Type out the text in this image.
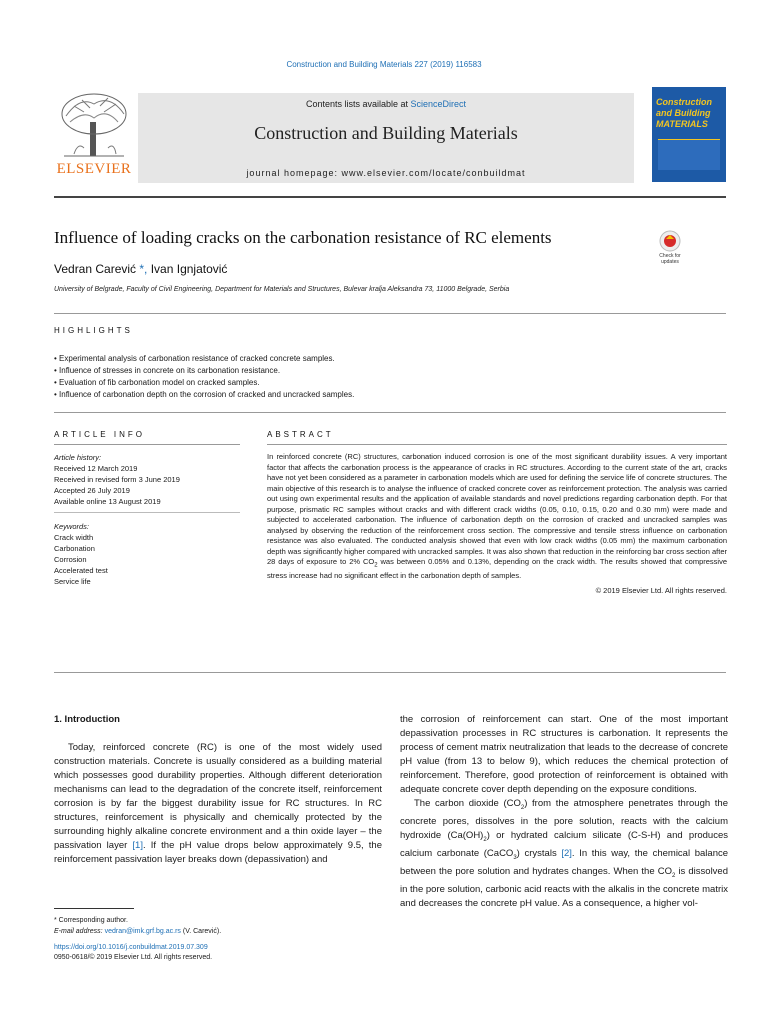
Construction and Building Materials 227 (2019) 116583
ELSEVIER
Contents lists available at ScienceDirect
Construction and Building Materials
journal homepage: www.elsevier.com/locate/conbuildmat
Construction and Building MATERIALS
Influence of loading cracks on the carbonation resistance of RC elements
Check for updates
Vedran Carević *, Ivan Ignjatović
University of Belgrade, Faculty of Civil Engineering, Department for Materials and Structures, Bulevar kralja Aleksandra 73, 11000 Belgrade, Serbia
HIGHLIGHTS
• Experimental analysis of carbonation resistance of cracked concrete samples.
• Influence of stresses in concrete on its carbonation resistance.
• Evaluation of fib carbonation model on cracked samples.
• Influence of carbonation depth on the corrosion of cracked and uncracked samples.
ARTICLE INFO	ABSTRACT
Article history:
Received 12 March 2019
Received in revised form 3 June 2019
Accepted 26 July 2019
Available online 13 August 2019
Keywords:
Crack width
Carbonation
Corrosion
Accelerated test
Service life
In reinforced concrete (RC) structures, carbonation induced corrosion is one of the most significant durability issues. A very important factor that affects the carbonation process is the appearance of cracks in RC structures. According to the current state of the art, cracks have not yet been considered as a parameter in carbonation models which are used for defining the service life of concrete structures. The main objective of this research is to analyse the influence of cracked concrete cover as reinforcement protection. The analysis was carried out using own experimental results and the application of available standards and novel predictions regarding carbonation depth. For that purpose, prismatic RC samples without cracks and with different crack widths (0.05, 0.10, 0.15, 0.20 and 0.30 mm) were made and subjected to accelerated carbonation. The influence of carbonation depth on the corrosion of cracked and uncracked samples was analysed by observing the reduction of the reinforcement cross section. The compressive and tensile stress influence on carbonation resistance was also evaluated. The conducted analysis showed that even with low crack widths (0.05 mm) the maximum carbonation depth was significantly higher compared with uncracked samples. It was also shown that reduction in the reinforcing bar cross section after 28 days of exposure to 2% $CO_2$ was between 0.05% and 0.13%, depending on the crack width. The results showed that compressive stress increase had no significant effect in the carbonation depth of samples.
© 2019 Elsevier Ltd. All rights reserved.

1. Introduction

Today, reinforced concrete (RC) is one of the most widely used construction materials. Concrete is usually considered as a building material which possesses good durability properties. Although different deterioration mechanisms can lead to the degradation of the concrete itself, reinforcement corrosion is by far the biggest durability issue for RC structures. In RC structures, reinforcement is physically and chemically protected by the surrounding highly alkaline concrete environment and a thin oxide layer – the passivation layer [1]. If the pH value drops below approximately 9.5, the reinforcement passivation layer breaks down (depassivation) and

the corrosion of reinforcement can start. One of the most important depassivation processes in RC structures is carbonation. It represents the process of cement matrix neutralization that leads to the decrease of concrete pH value (from 13 to below 9), which reduces the chemical protection of reinforcement. Therefore, good protection of reinforcement is obtained with adequate concrete cover depth depending on the exposure conditions.

The carbon dioxide $(CO_2)$ from the atmosphere penetrates through the concrete pores, dissolves in the pore solution, reacts with the calcium hydroxide $(Ca(OH)_2)$ or hydrated calcium silicate (C-S-H) and produces calcium carbonate (CaCO$_3$) crystals [2]. In this way, the chemical balance between the pore solution and hydrates changes. When the $CO_2$ is dissolved in the pore solution, carbonic acid reacts with the alkalis in the concrete matrix and decreases the concrete pH value. As a consequence, a higher vol-

* Corresponding author.
E-mail address: vedran@imk.grf.bg.ac.rs (V. Carević).
https://doi.org/10.1016/j.conbuildmat.2019.07.309
0950-0618/© 2019 Elsevier Ltd. All rights reserved.
